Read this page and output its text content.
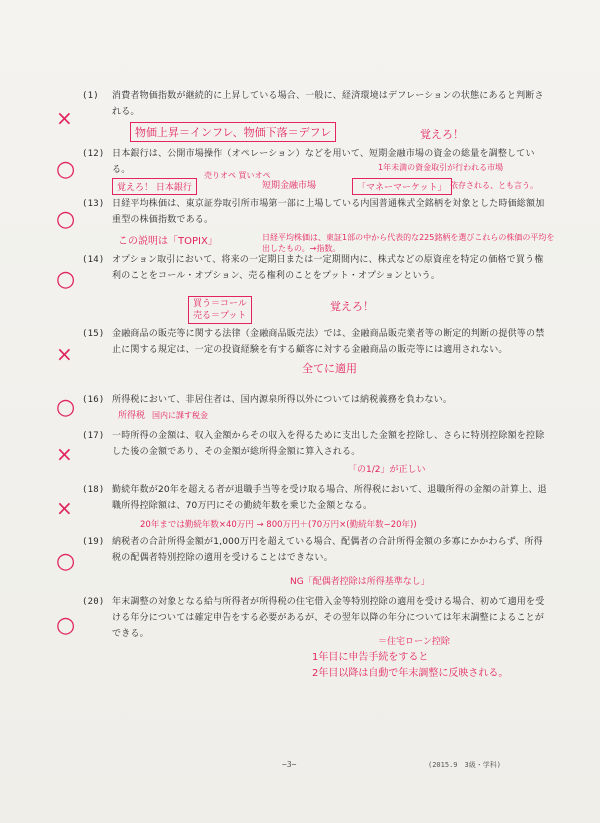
(1) 消費者物価指数が継続的に上昇している場合、一般に、経済環境はデフレーションの状態にあると判断される。
×
物価上昇＝インフレ、物価下落＝デフレ	覚えろ！
(12) 日本銀行は、公開市場操作（オペレーション）などを用いて、短期金融市場の資金の総量を調整している。
○
覚えろ！ 日本銀行
売りオペ 買いオペ
短期金融市場
1年未満の資金取引が行われる市場
「マネーマーケット」 依存される、とも言う。
(13) 日経平均株価は、東京証券取引所市場第一部に上場している内国普通株式全銘柄を対象とした時価総額加重型の株価指数である。
○
この説明は「TOPIX」	日経平均株価は、東証1部の中から代表的な225銘柄を選びこれらの株価の平均を出したもの。→指数。
(14) オプション取引において、将来の一定期日または一定期間内に、株式などの原資産を特定の価格で買う権利のことをコール・オプション、売る権利のことをプット・オプションという。
○
買う＝コール
売る＝プット
覚えろ！
(15) 金融商品の販売等に関する法律（金融商品販売法）では、金融商品販売業者等の断定的判断の提供等の禁止に関する規定は、一定の投資経験を有する顧客に対する金融商品の販売等には適用されない。
×
全てに適用
(16) 所得税において、非居住者は、国内源泉所得以外については納税義務を負わない。
○	所得税 国内に課す税金
(17) 一時所得の金額は、収入金額からその収入を得るために支出した金額を控除し、さらに特別控除額を控除した後の金額であり、その金額が総所得金額に算入される。
×
「の1/2」が正しい
(18) 勤続年数が20年を超える者が退職手当等を受け取る場合、所得税において、退職所得の金額の計算上、退職所得控除額は、70万円にその勤続年数を乗じた金額となる。
×
20年までは勤続年数×40万円 → 800万円＋(70万円×(勤続年数−20年))
(19) 納税者の合計所得金額が1,000万円を超えている場合、配偶者の合計所得金額の多寡にかかわらず、所得税の配偶者特別控除の適用を受けることはできない。
○
NG「配偶者控除は所得基準なし」
(20) 年末調整の対象となる給与所得者が所得税の住宅借入金等特別控除の適用を受ける場合、初めて適用を受ける年分については確定申告をする必要があるが、その翌年以降の年分については年末調整によることができる。
○
＝住宅ローン控除
1年目に申告手続をすると
2年目以降は自動で年末調整に反映される。
−3−	(2015.9　3級・学科)
